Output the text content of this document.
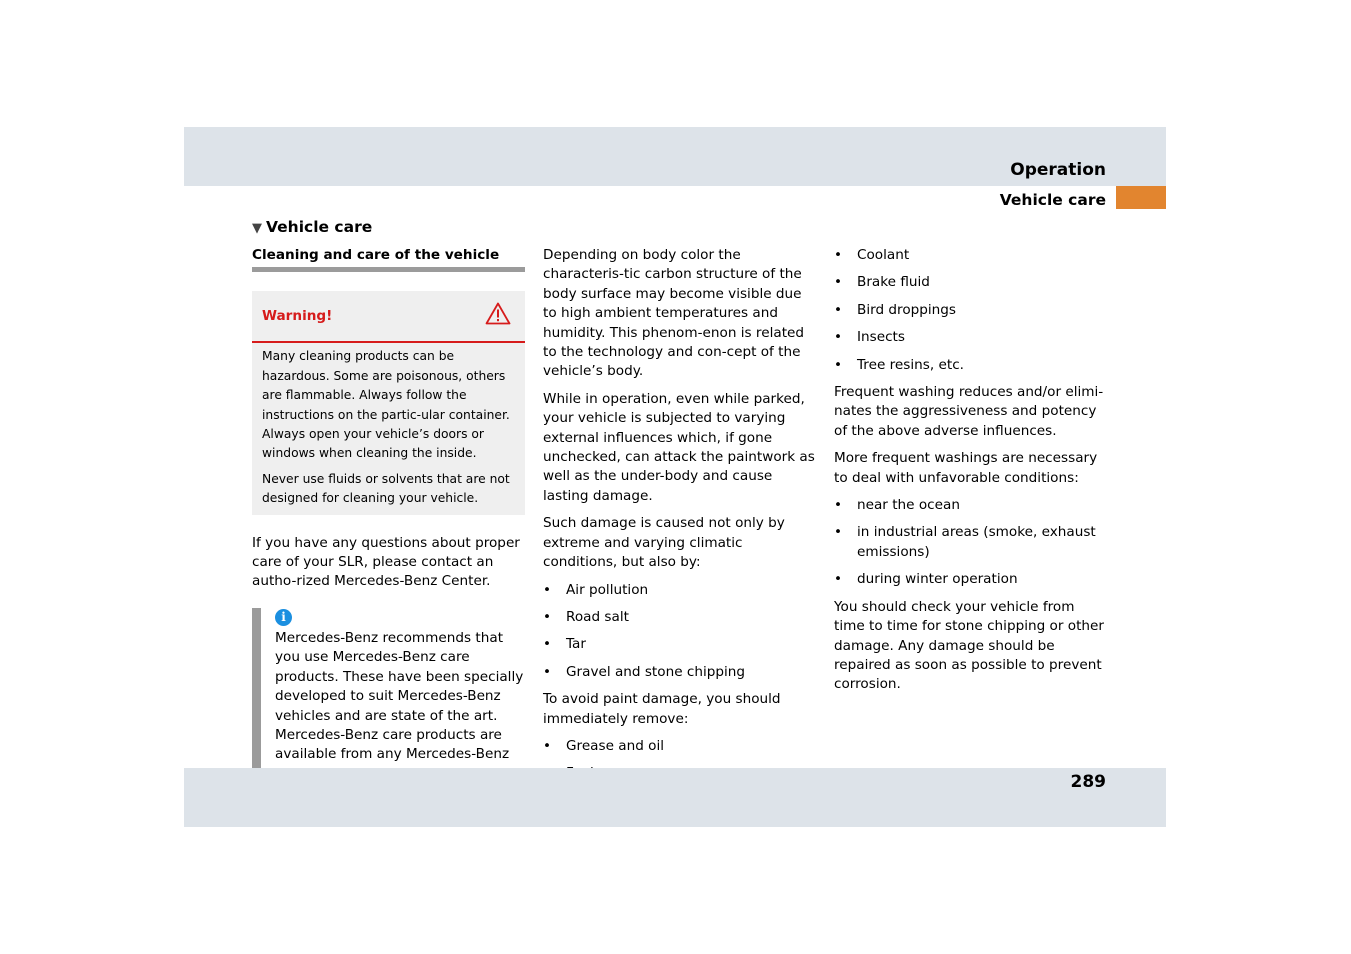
Operation
Vehicle care
▼ Vehicle care
Cleaning and care of the vehicle
Warning!

Many cleaning products can be hazardous. Some are poisonous, others are flammable. Always follow the instructions on the partic-ular container. Always open your vehicle’s doors or windows when cleaning the inside.

Never use fluids or solvents that are not designed for cleaning your vehicle.

If you have any questions about proper care of your SLR, please contact an autho-rized Mercedes-Benz Center.

i

Mercedes-Benz recommends that you use Mercedes-Benz care products. These have been specially developed to suit Mercedes-Benz vehicles and are state of the art. Mercedes-Benz care products are available from any Mercedes-Benz

Depending on body color the characteris-tic carbon structure of the body surface may become visible due to high ambient temperatures and humidity. This phenom-enon is related to the technology and con-cept of the vehicle’s body.

While in operation, even while parked, your vehicle is subjected to varying external influences which, if gone unchecked, can attack the paintwork as well as the under-body and cause lasting damage.

Such damage is caused not only by extreme and varying climatic conditions, but also by:

• Air pollution
• Road salt
• Tar
• Gravel and stone chipping

To avoid paint damage, you should immediately remove:

• Grease and oil
•
• Coolant
• Brake fluid
• Bird droppings
• Insects
• Tree resins, etc.

Frequent washing reduces and/or elimi-nates the aggressiveness and potency of the above adverse influences.

More frequent washings are necessary to deal with unfavorable conditions:

• near the ocean
• in industrial areas (smoke, exhaust emissions)
• during winter operation

You should check your vehicle from time to time for stone chipping or other damage. Any damage should be repaired as soon as possible to prevent corrosion.

289
